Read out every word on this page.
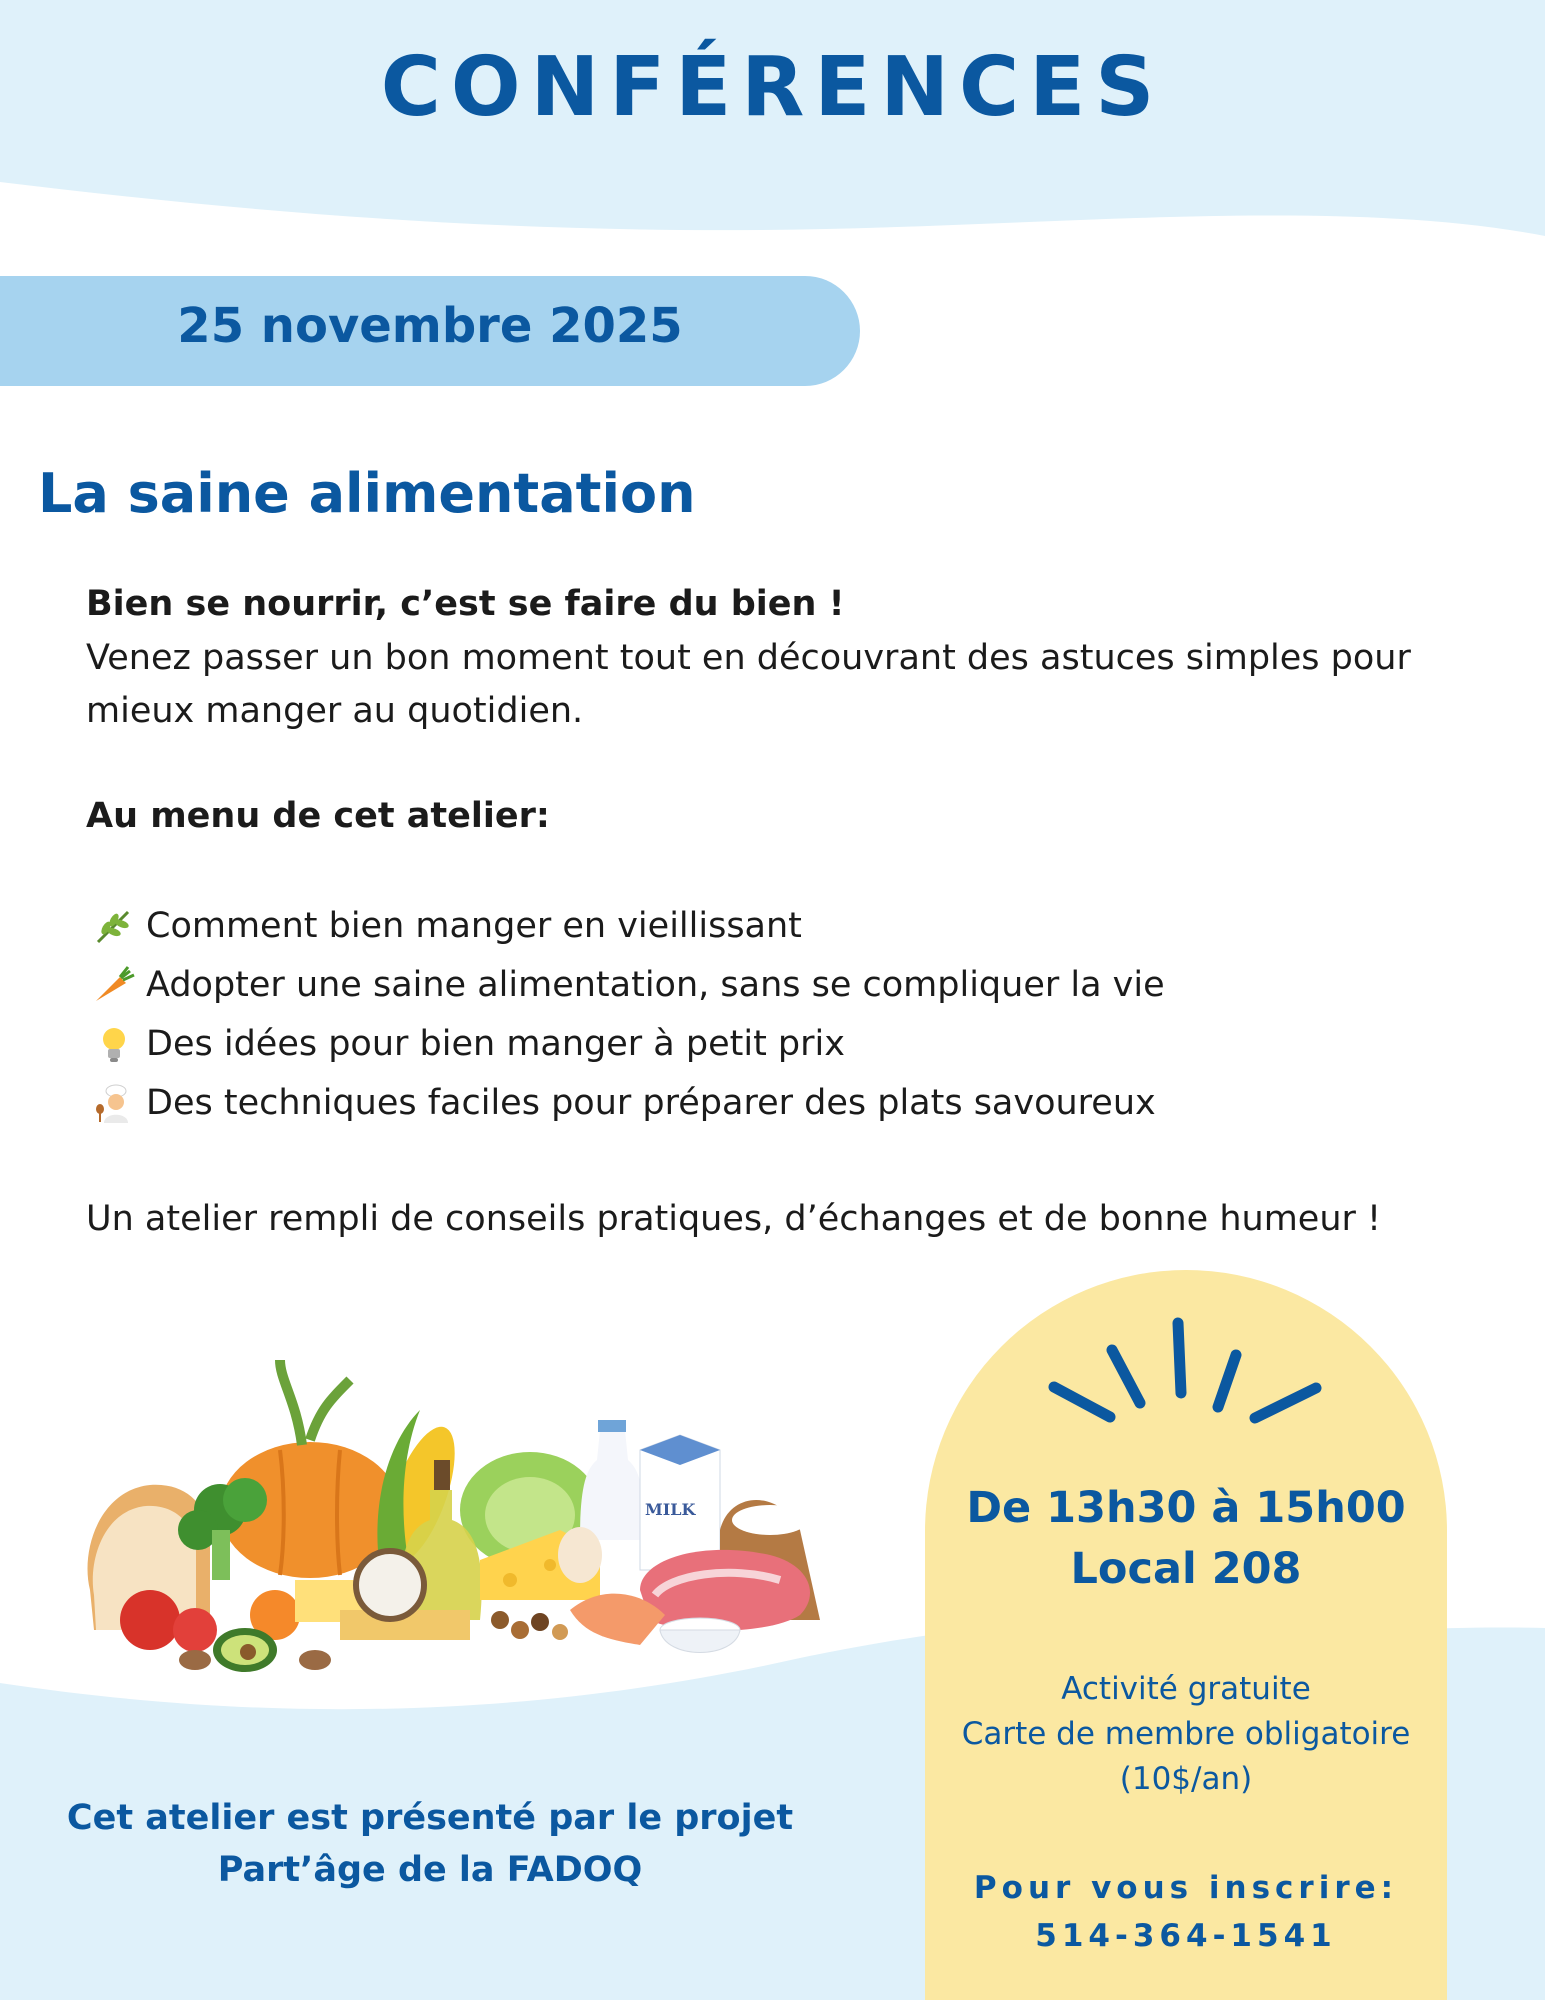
CONFÉRENCES
25 novembre 2025
La saine alimentation
Bien se nourrir, c’est se faire du bien !
Venez passer un bon moment tout en découvrant des astuces simples pour mieux manger au quotidien.
Au menu de cet atelier:
Comment bien manger en vieillissant
Adopter une saine alimentation, sans se compliquer la vie
Des idées pour bien manger à petit prix
Des techniques faciles pour préparer des plats savoureux
Un atelier rempli de conseils pratiques, d’échanges et de bonne humeur !
MILK	De 13h30 à 15h00
Local 208
Activité gratuite
Carte de membre obligatoire
(10$/an)
Pour vous inscrire:
514-364-1541
Cet atelier est présenté par le projet
Part’âge de la FADOQ
